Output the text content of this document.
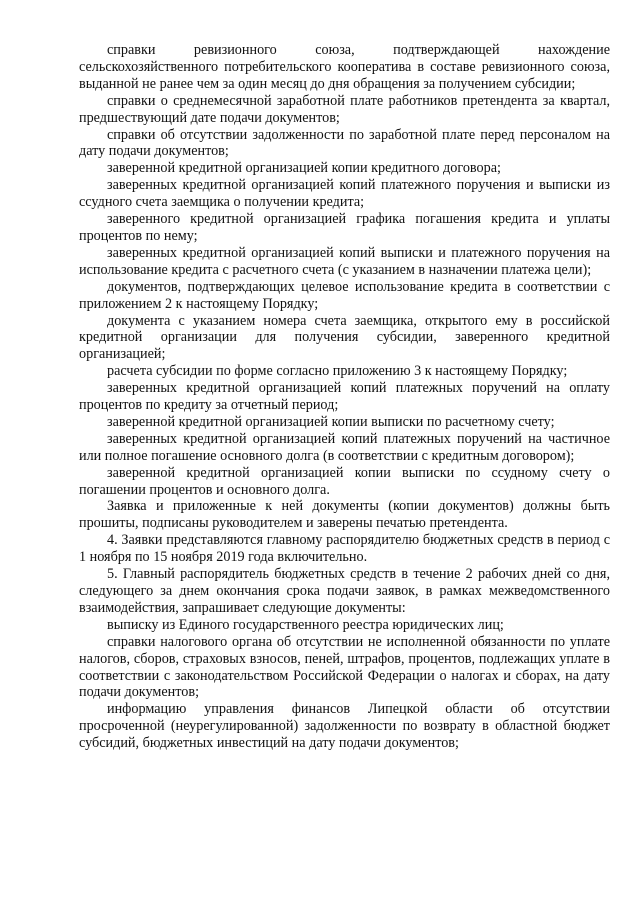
справки ревизионного союза, подтверждающей нахождение сельскохозяйственного потребительского кооператива в составе ревизионного союза, выданной не ранее чем за один месяц до дня обращения за получением субсидии;

справки о среднемесячной заработной плате работников претендента за квартал, предшествующий дате подачи документов;

справки об отсутствии задолженности по заработной плате перед персоналом на дату подачи документов;

заверенной кредитной организацией копии кредитного договора;

заверенных кредитной организацией копий платежного поручения и выписки из ссудного счета заемщика о получении кредита;

заверенного кредитной организацией графика погашения кредита и уплаты процентов по нему;

заверенных кредитной организацией копий выписки и платежного поручения на использование кредита с расчетного счета (с указанием в назначении платежа цели);

документов, подтверждающих целевое использование кредита в соответствии с приложением 2 к настоящему Порядку;

документа с указанием номера счета заемщика, открытого ему в российской кредитной организации для получения субсидии, заверенного кредитной организацией;

расчета субсидии по форме согласно приложению 3 к настоящему Порядку;

заверенных кредитной организацией копий платежных поручений на оплату процентов по кредиту за отчетный период;

заверенной кредитной организацией копии выписки по расчетному счету;

заверенных кредитной организацией копий платежных поручений на частичное или полное погашение основного долга (в соответствии с кредитным договором);

заверенной кредитной организацией копии выписки по ссудному счету о погашении процентов и основного долга.

Заявка и приложенные к ней документы (копии документов) должны быть прошиты, подписаны руководителем и заверены печатью претендента.

4. Заявки представляются главному распорядителю бюджетных средств в период с 1 ноября по 15 ноября 2019 года включительно.

5. Главный распорядитель бюджетных средств в течение 2 рабочих дней со дня, следующего за днем окончания срока подачи заявок, в рамках межведомственного взаимодействия, запрашивает следующие документы:

выписку из Единого государственного реестра юридических лиц;

справки налогового органа об отсутствии не исполненной обязанности по уплате налогов, сборов, страховых взносов, пеней, штрафов, процентов, подлежащих уплате в соответствии с законодательством Российской Федерации о налогах и сборах, на дату подачи документов;

информацию управления финансов Липецкой области об отсутствии просроченной (неурегулированной) задолженности по возврату в областной бюджет субсидий, бюджетных инвестиций на дату подачи документов;
